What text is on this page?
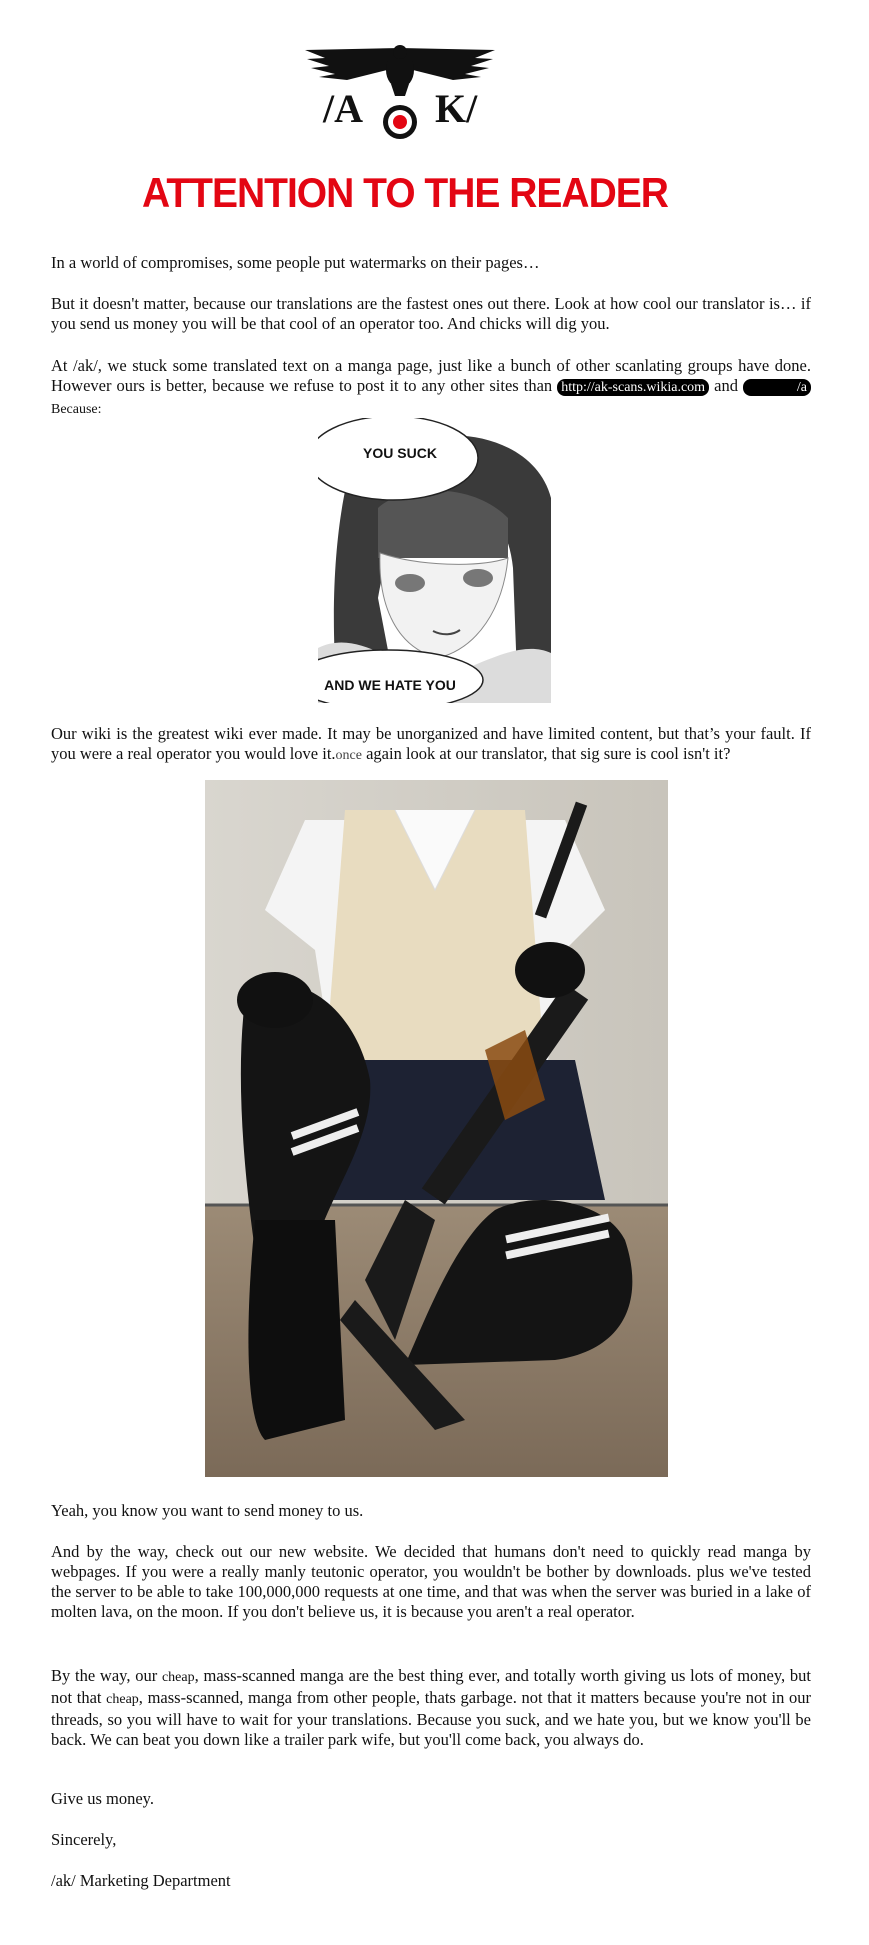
/A K/
ATTENTION TO THE READER

In a world of compromises, some people put watermarks on their pages…

But it doesn't matter, because our translations are the fastest ones out there. Look at how cool our translator is… if you send us money you will be that cool of an operator too. And chicks will dig you.

At /ak/, we stuck some translated text on a manga page, just like a bunch of other scanlating groups have done. However ours is better, because we refuse to post it to any other sites than http://ak-scans.wikia.com and	/a Because:

YOU SUCK
AND WE HATE YOU

Our wiki is the greatest wiki ever made. It may be unorganized and have limited content, but that’s your fault. If you were a real operator you would love it.once again look at our translator, that sig sure is cool isn't it?

Yeah, you know you want to send money to us.

And by the way, check out our new website. We decided that humans don't need to quickly read manga by webpages. If you were a really manly teutonic operator, you wouldn't be bother by downloads. plus we've tested the server to be able to take 100,000,000 requests at one time, and that was when the server was buried in a lake of molten lava, on the moon. If you don't believe us, it is because you aren't a real operator.

By the way, our cheap, mass-scanned manga are the best thing ever, and totally worth giving us lots of money, but not that cheap, mass-scanned, manga from other people, thats garbage. not that it matters because you're not in our threads, so you will have to wait for your translations. Because you suck, and we hate you, but we know you'll be back. We can beat you down like a trailer park wife, but you'll come back, you always do.

Give us money.

Sincerely,

/ak/ Marketing Department
